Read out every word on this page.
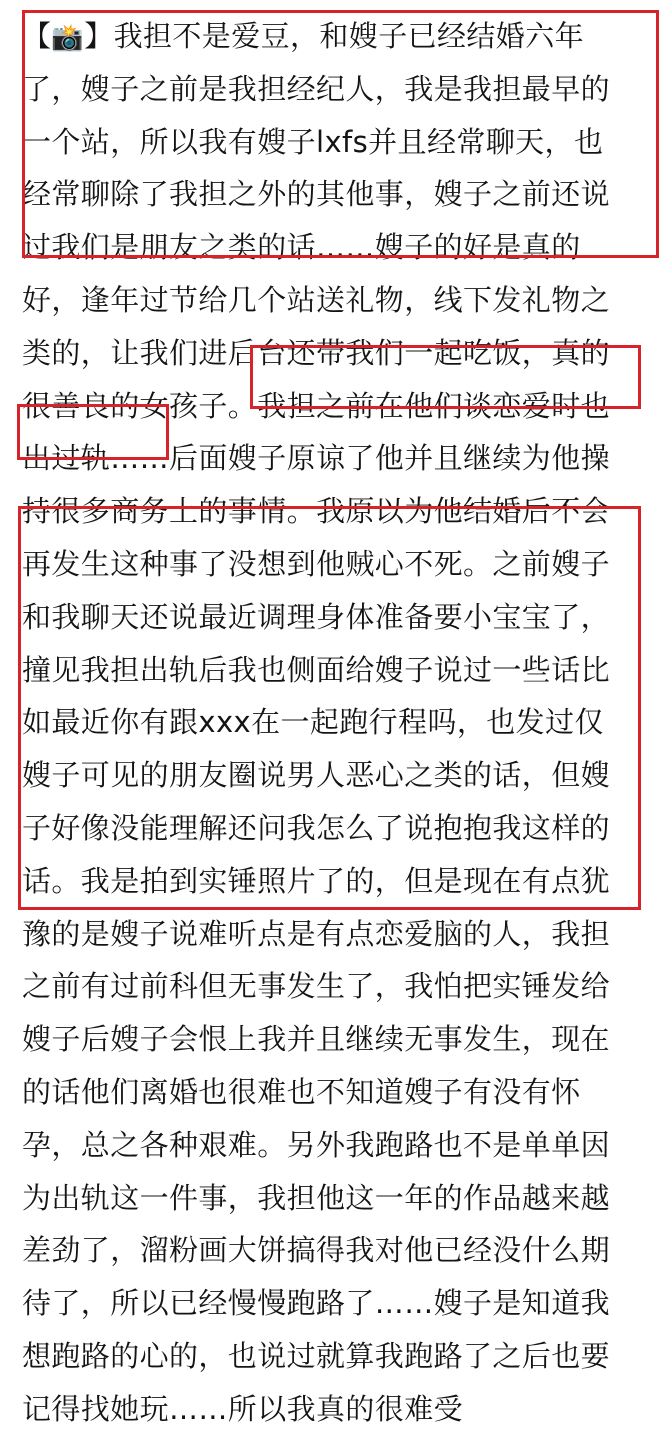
【📸】我担不是爱豆，和嫂子已经结婚六年
了，嫂子之前是我担经纪人，我是我担最早的
一个站，所以我有嫂子lxfs并且经常聊天，也
经常聊除了我担之外的其他事，嫂子之前还说
过我们是朋友之类的话……嫂子的好是真的
好，逢年过节给几个站送礼物，线下发礼物之
类的，让我们进后台还带我们一起吃饭，真的
很善良的女孩子。我担之前在他们谈恋爱时也
出过轨……后面嫂子原谅了他并且继续为他操
持很多商务上的事情。我原以为他结婚后不会
再发生这种事了没想到他贼心不死。之前嫂子
和我聊天还说最近调理身体准备要小宝宝了，
撞见我担出轨后我也侧面给嫂子说过一些话比
如最近你有跟xxx在一起跑行程吗，也发过仅
嫂子可见的朋友圈说男人恶心之类的话，但嫂
子好像没能理解还问我怎么了说抱抱我这样的
话。我是拍到实锤照片了的，但是现在有点犹
豫的是嫂子说难听点是有点恋爱脑的人，我担
之前有过前科但无事发生了，我怕把实锤发给
嫂子后嫂子会恨上我并且继续无事发生，现在
的话他们离婚也很难也不知道嫂子有没有怀
孕，总之各种艰难。另外我跑路也不是单单因
为出轨这一件事，我担他这一年的作品越来越
差劲了，溜粉画大饼搞得我对他已经没什么期
待了，所以已经慢慢跑路了……嫂子是知道我
想跑路的心的，也说过就算我跑路了之后也要
记得找她玩……所以我真的很难受
